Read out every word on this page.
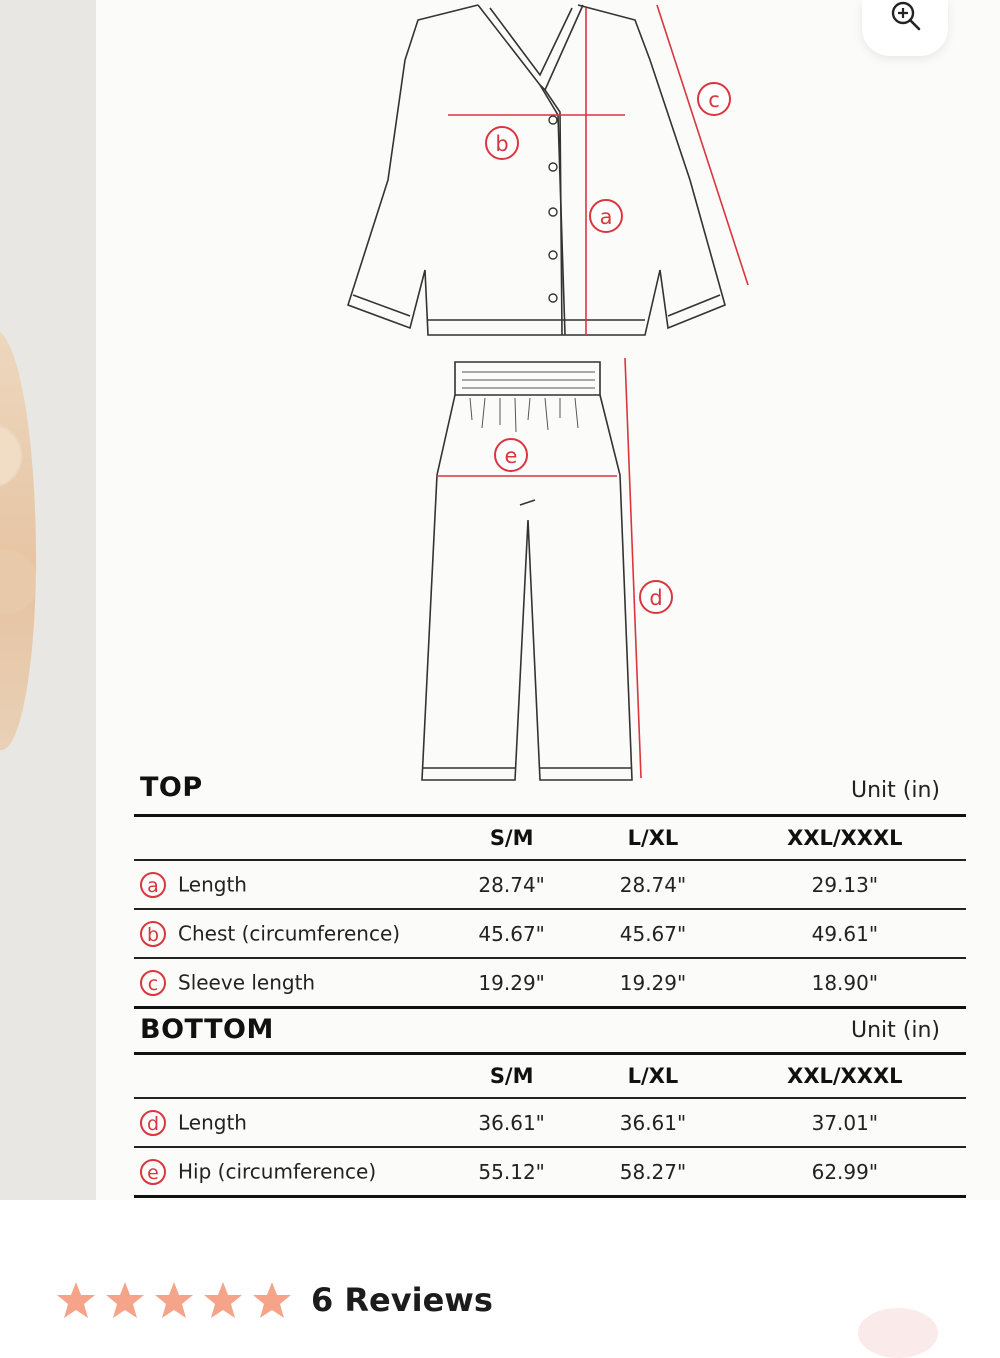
b
a
c
e
d
TOP	Unit (in)
	S/M	L/XL	XXL/XXXL
a Length	28.74"	28.74"	29.13"
b Chest (circumference)	45.67"	45.67"	49.61"
c Sleeve length	19.29"	19.29"	18.90"
BOTTOM	Unit (in)
	S/M	L/XL	XXL/XXXL
d Length	36.61"	36.61"	37.01"
e Hip (circumference)	55.12"	58.27"	62.99"
6 Reviews
